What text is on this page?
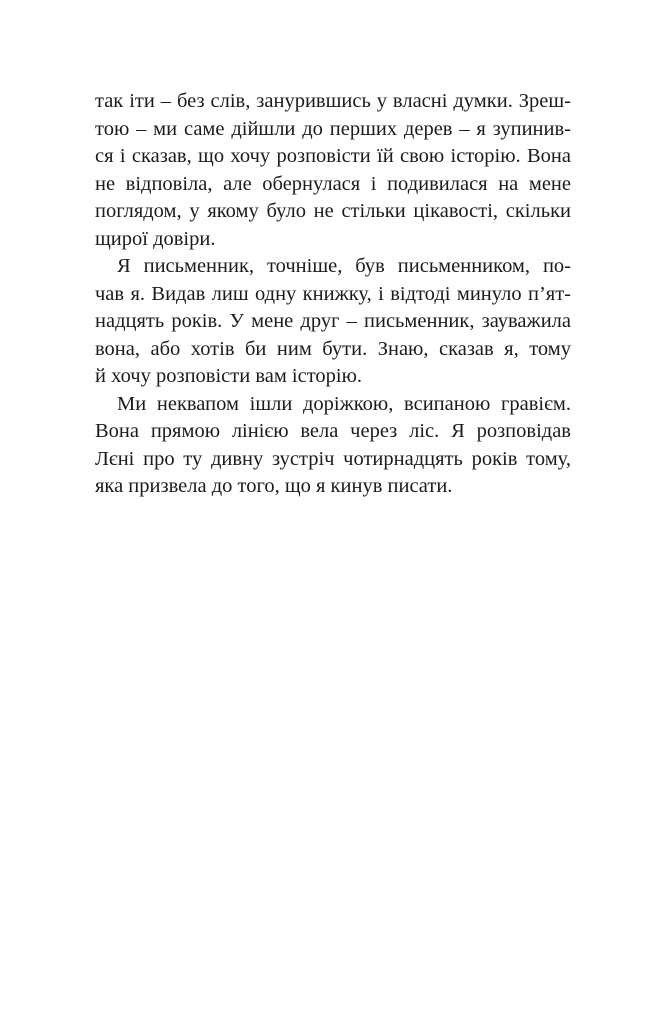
так іти – без слів, занурившись у власні думки. Зреш-
тою – ми саме дійшли до перших дерев – я зупинив-
ся і сказав, що хочу розповісти їй свою історію. Вона
не відповіла, але обернулася і подивилася на мене
поглядом, у якому було не стільки цікавості, скільки
щирої довіри.

Я письменник, точніше, був письменником, по-
чав я. Видав лиш одну книжку, і відтоді минуло п’ят-
надцять років. У мене друг – письменник, зауважила
вона, або хотів би ним бути. Знаю, сказав я, тому
й хочу розповісти вам історію.

Ми неквапом ішли доріжкою, всипаною гравієм.
Вона прямою лінією вела через ліс. Я розповідав
Лєні про ту дивну зустріч чотирнадцять років тому,
яка призвела до того, що я кинув писати.
